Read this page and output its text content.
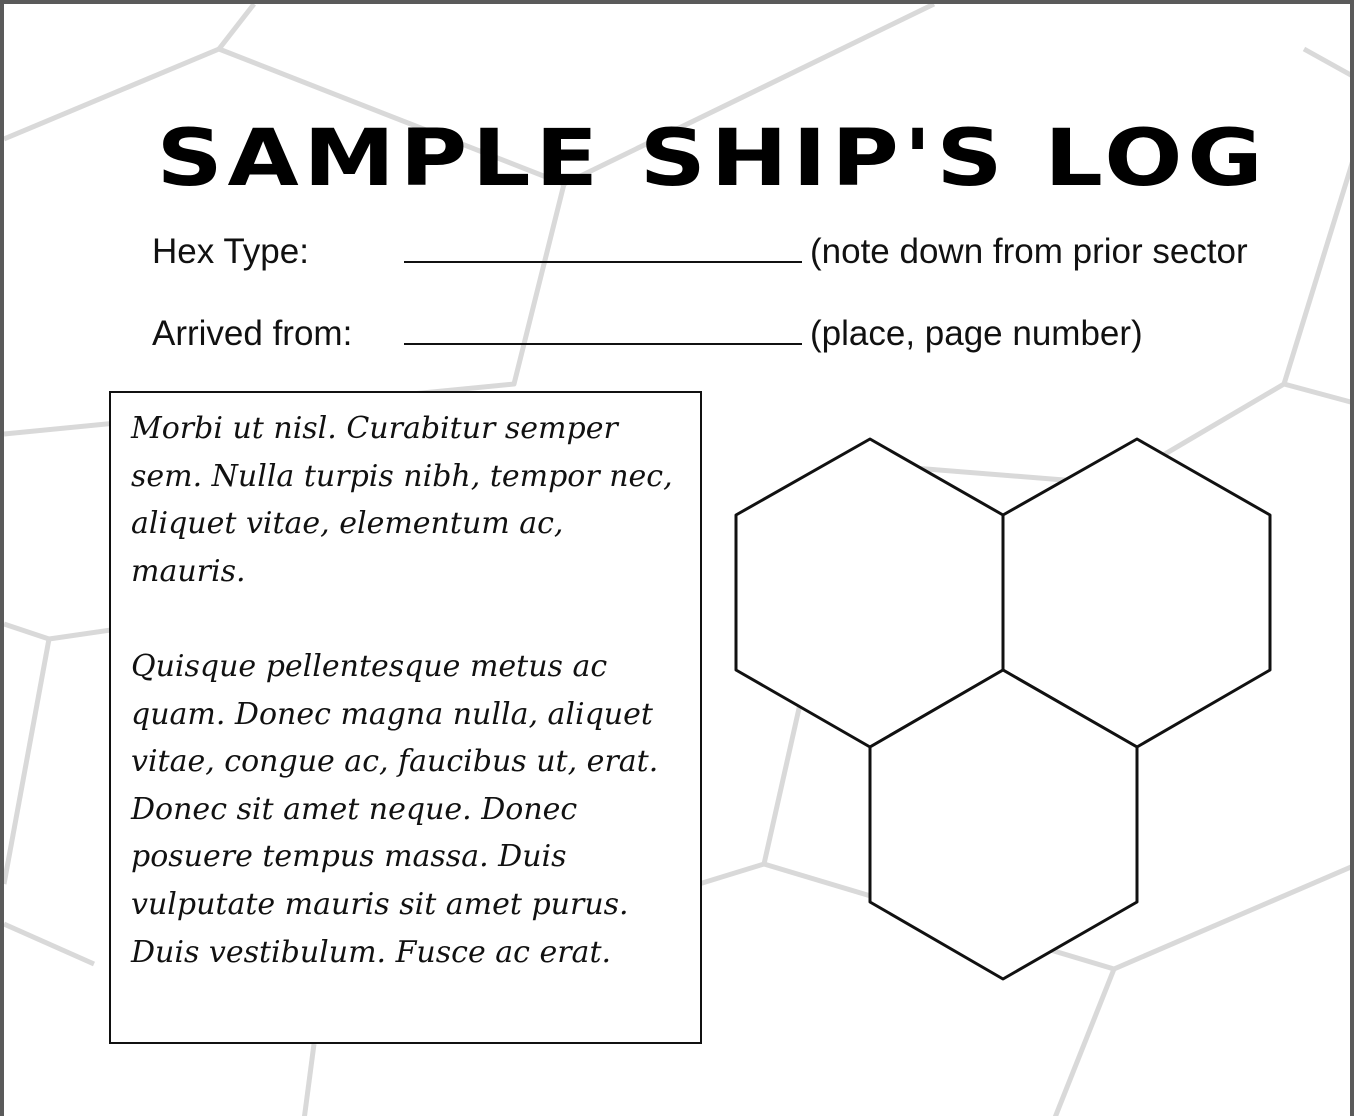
SAMPLE SHIP'S LOG
Hex Type:	(note down from prior sector
Arrived from:	(place, page number)

Morbi ut nisl. Curabitur semper sem. Nulla turpis nibh, tempor nec, aliquet vitae, elementum ac, mauris.

Quisque pellentesque metus ac quam. Donec magna nulla, aliquet vitae, congue ac, faucibus ut, erat. Donec sit amet neque. Donec posuere tempus massa. Duis vulputate mauris sit amet purus. Duis vestibulum. Fusce ac erat.
